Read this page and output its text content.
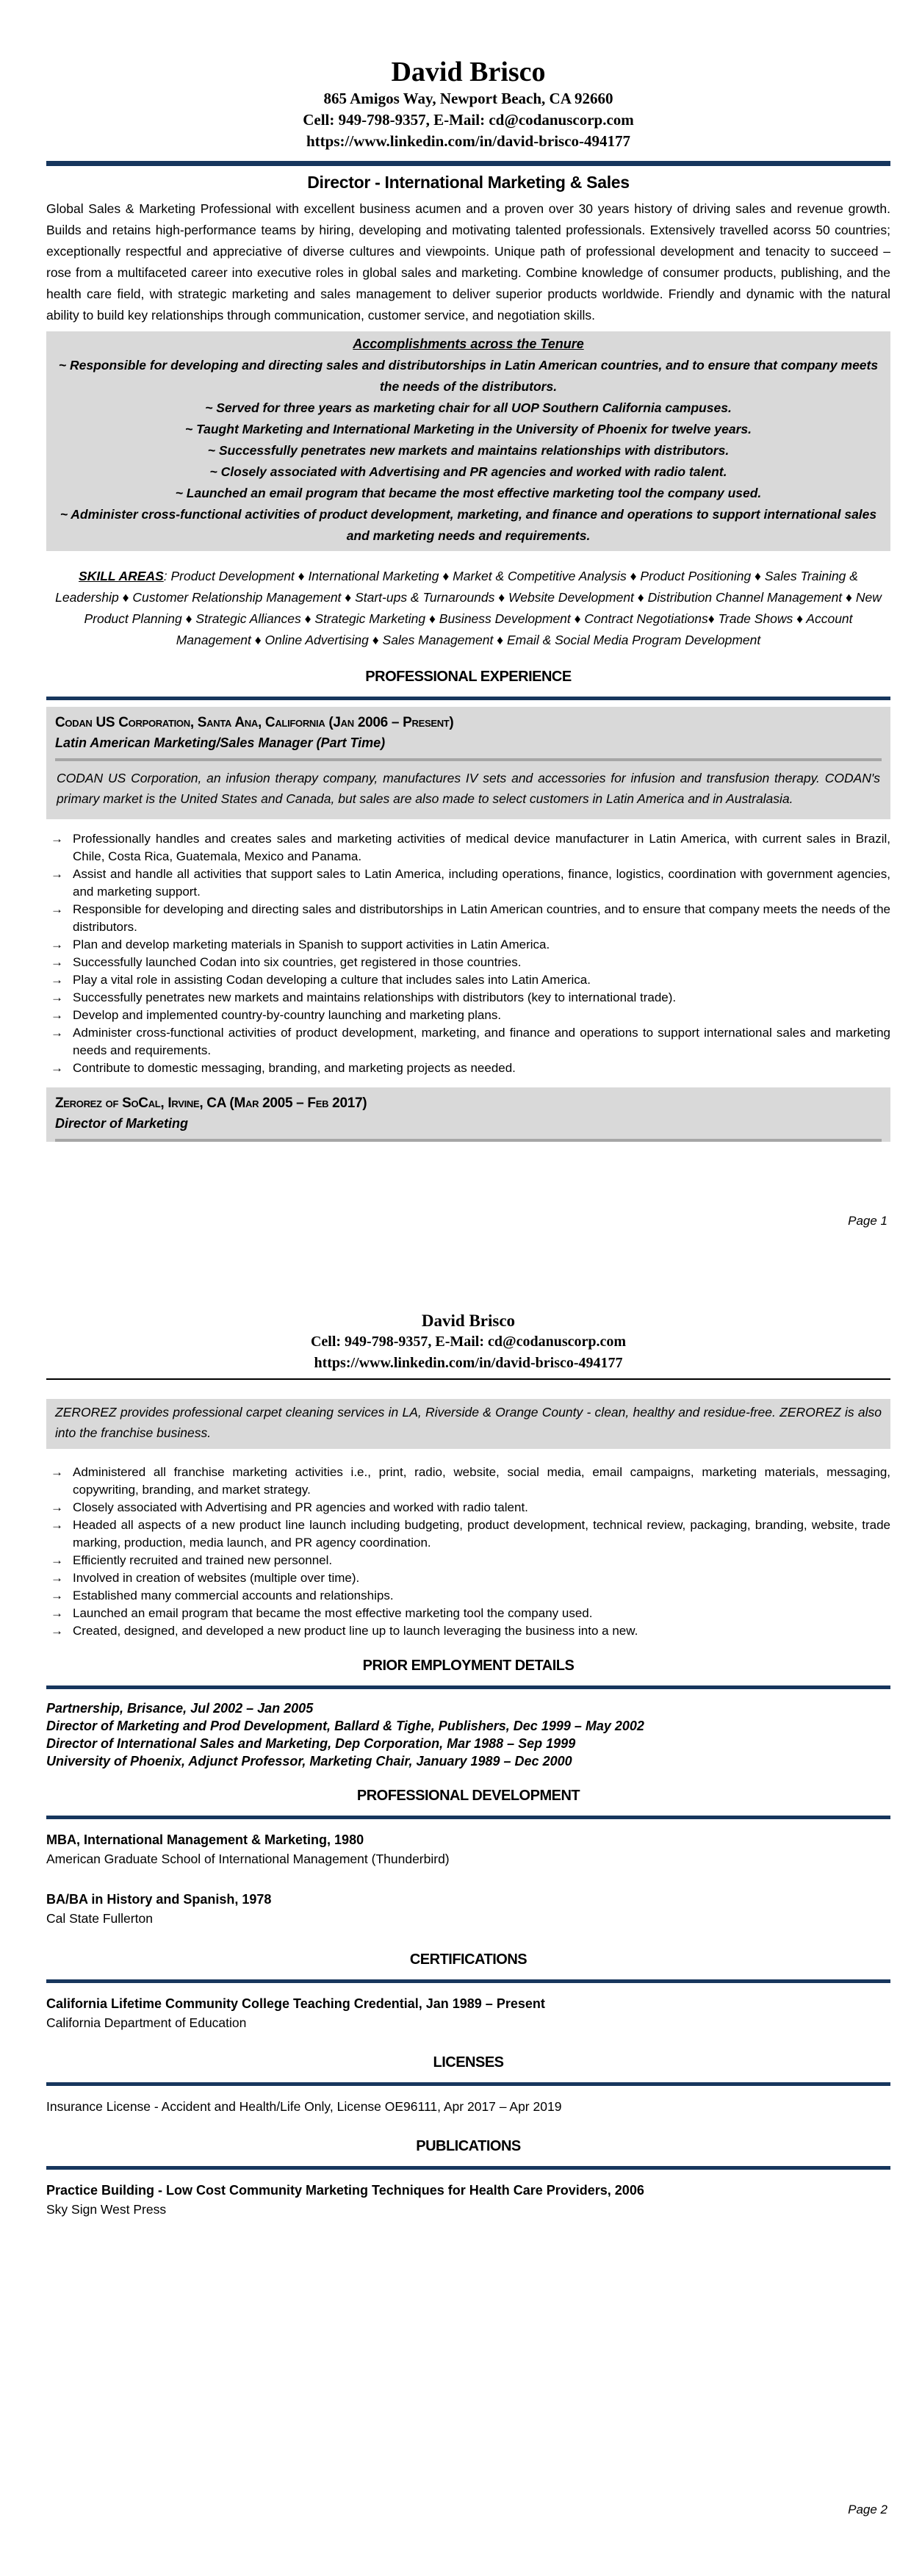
David Brisco
865 Amigos Way, Newport Beach, CA 92660
Cell: 949-798-9357, E-Mail: cd@codanuscorp.com
https://www.linkedin.com/in/david-brisco-494177
Director - International Marketing & Sales
Global Sales & Marketing Professional with excellent business acumen and a proven over 30 years history of driving sales and revenue growth. Builds and retains high-performance teams by hiring, developing and motivating talented professionals. Extensively travelled acorss 50 countries; exceptionally respectful and appreciative of diverse cultures and viewpoints. Unique path of professional development and tenacity to succeed – rose from a multifaceted career into executive roles in global sales and marketing. Combine knowledge of consumer products, publishing, and the health care field, with strategic marketing and sales management to deliver superior products worldwide. Friendly and dynamic with the natural ability to build key relationships through communication, customer service, and negotiation skills.
Accomplishments across the Tenure
~ Responsible for developing and directing sales and distributorships in Latin American countries, and to ensure that company meets the needs of the distributors.
~ Served for three years as marketing chair for all UOP Southern California campuses.
~ Taught Marketing and International Marketing in the University of Phoenix for twelve years.
~ Successfully penetrates new markets and maintains relationships with distributors.
~ Closely associated with Advertising and PR agencies and worked with radio talent.
~ Launched an email program that became the most effective marketing tool the company used.
~ Administer cross-functional activities of product development, marketing, and finance and operations to support international sales and marketing needs and requirements.
SKILL AREAS: Product Development ♦ International Marketing ♦ Market & Competitive Analysis ♦ Product Positioning ♦ Sales Training & Leadership ♦ Customer Relationship Management ♦ Start-ups & Turnarounds ♦ Website Development ♦ Distribution Channel Management ♦ New Product Planning ♦ Strategic Alliances ♦ Strategic Marketing ♦ Business Development ♦ Contract Negotiations♦ Trade Shows ♦ Account Management ♦ Online Advertising ♦ Sales Management ♦ Email & Social Media Program Development
PROFESSIONAL EXPERIENCE
Codan US Corporation, Santa Ana, California (Jan 2006 – Present)
Latin American Marketing/Sales Manager (Part Time)
CODAN US Corporation, an infusion therapy company, manufactures IV sets and accessories for infusion and transfusion therapy. CODAN's primary market is the United States and Canada, but sales are also made to select customers in Latin America and in Australasia.
→ Professionally handles and creates sales and marketing activities of medical device manufacturer in Latin America, with current sales in Brazil, Chile, Costa Rica, Guatemala, Mexico and Panama.
→ Assist and handle all activities that support sales to Latin America, including operations, finance, logistics, coordination with government agencies, and marketing support.
→ Responsible for developing and directing sales and distributorships in Latin American countries, and to ensure that company meets the needs of the distributors.
→ Plan and develop marketing materials in Spanish to support activities in Latin America.
→ Successfully launched Codan into six countries, get registered in those countries.
→ Play a vital role in assisting Codan developing a culture that includes sales into Latin America.
→ Successfully penetrates new markets and maintains relationships with distributors (key to international trade).
→ Develop and implemented country-by-country launching and marketing plans.
→ Administer cross-functional activities of product development, marketing, and finance and operations to support international sales and marketing needs and requirements.
→ Contribute to domestic messaging, branding, and marketing projects as needed.
Zerorez of SoCal, Irvine, CA (Mar 2005 – Feb 2017)
Director of Marketing
Page 1
David Brisco
Cell: 949-798-9357, E-Mail: cd@codanuscorp.com
https://www.linkedin.com/in/david-brisco-494177
ZEROREZ provides professional carpet cleaning services in LA, Riverside & Orange County - clean, healthy and residue-free. ZEROREZ is also into the franchise business.
→ Administered all franchise marketing activities i.e., print, radio, website, social media, email campaigns, marketing materials, messaging, copywriting, branding, and market strategy.
→ Closely associated with Advertising and PR agencies and worked with radio talent.
→ Headed all aspects of a new product line launch including budgeting, product development, technical review, packaging, branding, website, trade marking, production, media launch, and PR agency coordination.
→ Efficiently recruited and trained new personnel.
→ Involved in creation of websites (multiple over time).
→ Established many commercial accounts and relationships.
→ Launched an email program that became the most effective marketing tool the company used.
→ Created, designed, and developed a new product line up to launch leveraging the business into a new.
PRIOR EMPLOYMENT DETAILS
Partnership, Brisance, Jul 2002 – Jan 2005
Director of Marketing and Prod Development, Ballard & Tighe, Publishers, Dec 1999 – May 2002
Director of International Sales and Marketing, Dep Corporation, Mar 1988 – Sep 1999
University of Phoenix, Adjunct Professor, Marketing Chair, January 1989 – Dec 2000
PROFESSIONAL DEVELOPMENT
MBA, International Management & Marketing, 1980
American Graduate School of International Management (Thunderbird)
BA/BA in History and Spanish, 1978
Cal State Fullerton
CERTIFICATIONS
California Lifetime Community College Teaching Credential, Jan 1989 – Present
California Department of Education
LICENSES
Insurance License - Accident and Health/Life Only, License OE96111, Apr 2017 – Apr 2019
PUBLICATIONS
Practice Building - Low Cost Community Marketing Techniques for Health Care Providers, 2006
Sky Sign West Press
Page 2
